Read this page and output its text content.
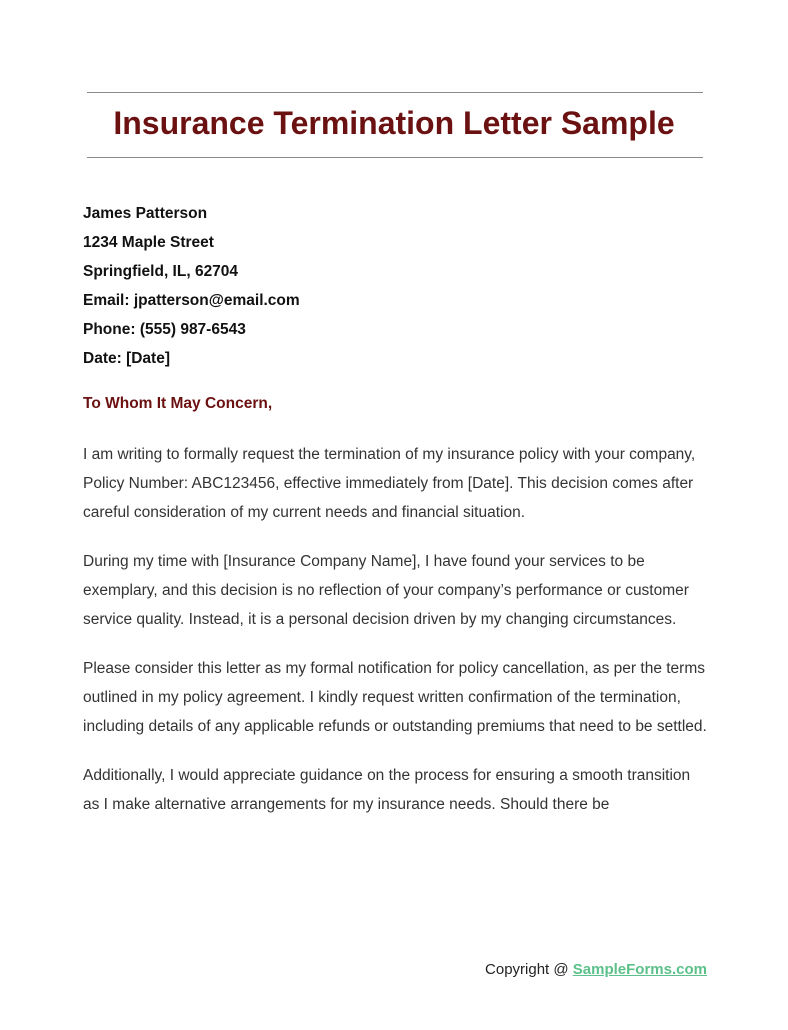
Insurance Termination Letter Sample
James Patterson
1234 Maple Street
Springfield, IL, 62704
Email: jpatterson@email.com
Phone: (555) 987-6543
Date: [Date]
To Whom It May Concern,

I am writing to formally request the termination of my insurance policy with your company, Policy Number: ABC123456, effective immediately from [Date]. This decision comes after careful consideration of my current needs and financial situation.

During my time with [Insurance Company Name], I have found your services to be exemplary, and this decision is no reflection of your company’s performance or customer service quality. Instead, it is a personal decision driven by my changing circumstances.

Please consider this letter as my formal notification for policy cancellation, as per the terms outlined in my policy agreement. I kindly request written confirmation of the termination, including details of any applicable refunds or outstanding premiums that need to be settled.

Additionally, I would appreciate guidance on the process for ensuring a smooth transition as I make alternative arrangements for my insurance needs. Should there be

Copyright @ SampleForms.com
